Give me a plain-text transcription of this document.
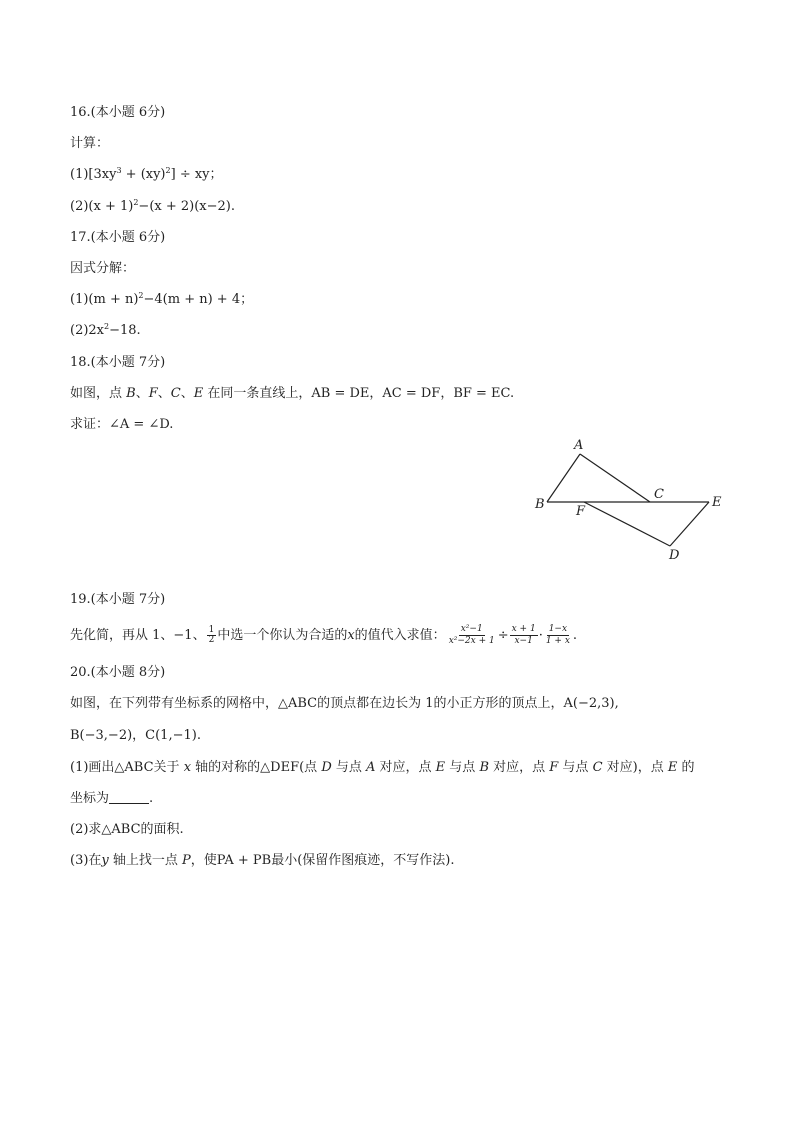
16.(本小题 6分)
计算：
$(1)[3xy^3 + (xy)^2]$ ÷ xy；
$(2)(x + 1)^2-(x + 2)(x-2)$.
17.(本小题 6分)
因式分解：
$(1)(m + n)^2-4(m + n) + 4$；
$(2)2x^2-18$.
18.(本小题 7分)
如图，点 B、F、C、E 在同一条直线上，AB = DE，AC = DF，BF = EC.
求证：∠A = ∠D.
A
B
C
F
E
D
19.(本小题 7分)
先化简，再从 1、−1、 $\frac{1}{2}$ 中选一个你认为合适的x的值代入求值： $\frac{\text{x²−1}}{\text{x²−2x + 1}} \div \frac{x + 1}{x-1} \cdot \frac{1-x}{1 + x}$ .
20.(本小题 8分)
如图，在下列带有坐标系的网格中，△ABC的顶点都在边长为 1的小正方形的顶点上，A(−2,3),
B(−3,−2)，C(1,−1).
(1)画出△ABC关于 x 轴的对称的△DEF(点 D 与点 A 对应，点 E 与点 B 对应，点 F 与点 C 对应)，点 E 的
坐标为	.
(2)求△ABC的面积.
(3)在y 轴上找一点 P，使PA + PB最小(保留作图痕迹，不写作法).
